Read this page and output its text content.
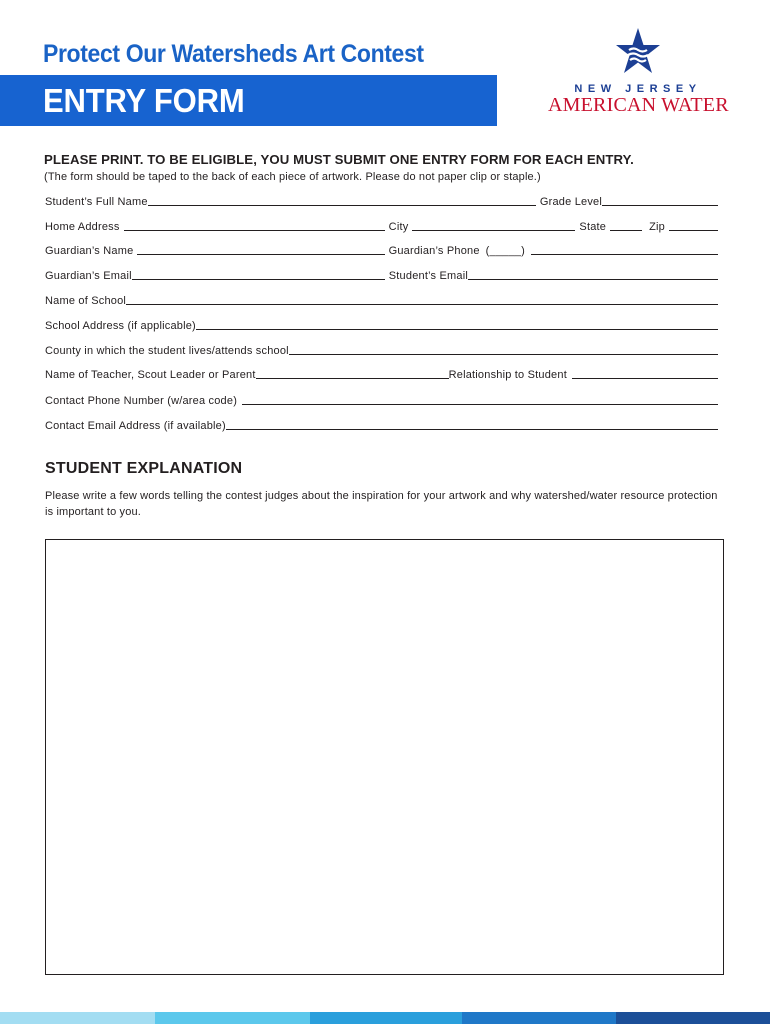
Protect Our Watersheds Art Contest
ENTRY FORM	NEW JERSEY
AMERICAN WATER
PLEASE PRINT. TO BE ELIGIBLE, YOU MUST SUBMIT ONE ENTRY FORM FOR EACH ENTRY.
(The form should be taped to the back of each piece of artwork. Please do not paper clip or staple.)
Student’s Full Name	Grade Level
Home Address	City	State	Zip
Guardian’s Name	Guardian’s Phone (_____)
Guardian’s Email	Student’s Email
Name of School
School Address (if applicable)
County in which the student lives/attends school
Name of Teacher, Scout Leader or Parent	Relationship to Student
Contact Phone Number (w/area code)
Contact Email Address (if available)
STUDENT EXPLANATION
Please write a few words telling the contest judges about the inspiration for your artwork and why watershed/water resource protection is important to you.
